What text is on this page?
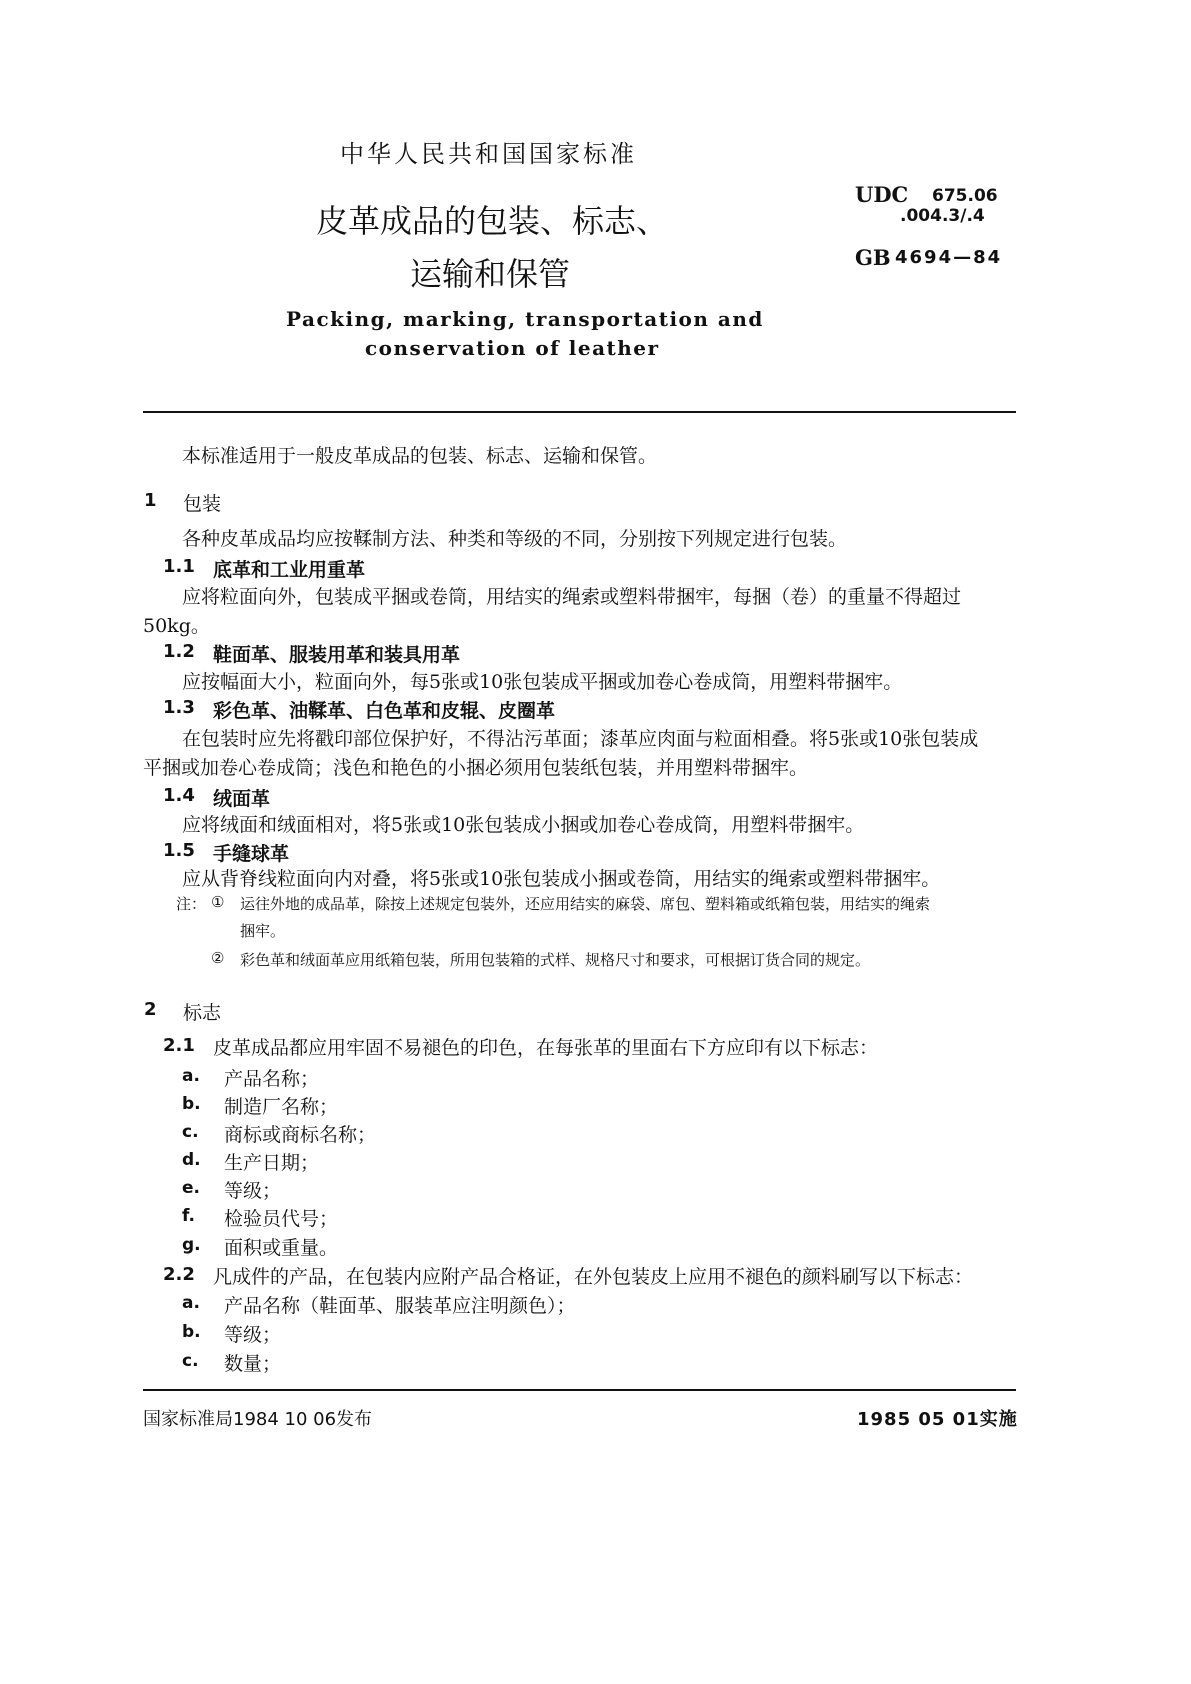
中华人民共和国国家标准
皮革成品的包装、标志、
运输和保管
Packing, marking, transportation and
conservation of leather
UDC 675.06
.004.3/.4
GB 4694—84
本标准适用于一般皮革成品的包装、标志、运输和保管。
1 包装
各种皮革成品均应按鞣制方法、种类和等级的不同，分别按下列规定进行包装。
1.1 底革和工业用重革
应将粒面向外，包装成平捆或卷筒，用结实的绳索或塑料带捆牢，每捆（卷）的重量不得超过
50kg。
1.2 鞋面革、服装用革和装具用革
应按幅面大小，粒面向外，每5张或10张包装成平捆或加卷心卷成筒，用塑料带捆牢。
1.3 彩色革、油鞣革、白色革和皮辊、皮圈革
在包装时应先将戳印部位保护好，不得沾污革面；漆革应肉面与粒面相叠。将5张或10张包装成
平捆或加卷心卷成筒；浅色和艳色的小捆必须用包装纸包装，并用塑料带捆牢。
1.4 绒面革
应将绒面和绒面相对，将5张或10张包装成小捆或加卷心卷成筒，用塑料带捆牢。
1.5 手缝球革
应从背脊线粒面向内对叠，将5张或10张包装成小捆或卷筒，用结实的绳索或塑料带捆牢。
注： ① 运往外地的成品革，除按上述规定包装外，还应用结实的麻袋、席包、塑料箱或纸箱包装，用结实的绳索
捆牢。
② 彩色革和绒面革应用纸箱包装，所用包装箱的式样、规格尺寸和要求，可根据订货合同的规定。
2 标志
2.1 皮革成品都应用牢固不易褪色的印色，在每张革的里面右下方应印有以下标志：
a. 产品名称；
b. 制造厂名称；
c. 商标或商标名称；
d. 生产日期；
e. 等级；
f. 检验员代号；
g. 面积或重量。
2.2 凡成件的产品，在包装内应附产品合格证，在外包装皮上应用不褪色的颜料刷写以下标志：
a. 产品名称（鞋面革、服装革应注明颜色）；
b. 等级；
c. 数量；
国家标准局1984 10 06发布	1985 05 01实施
